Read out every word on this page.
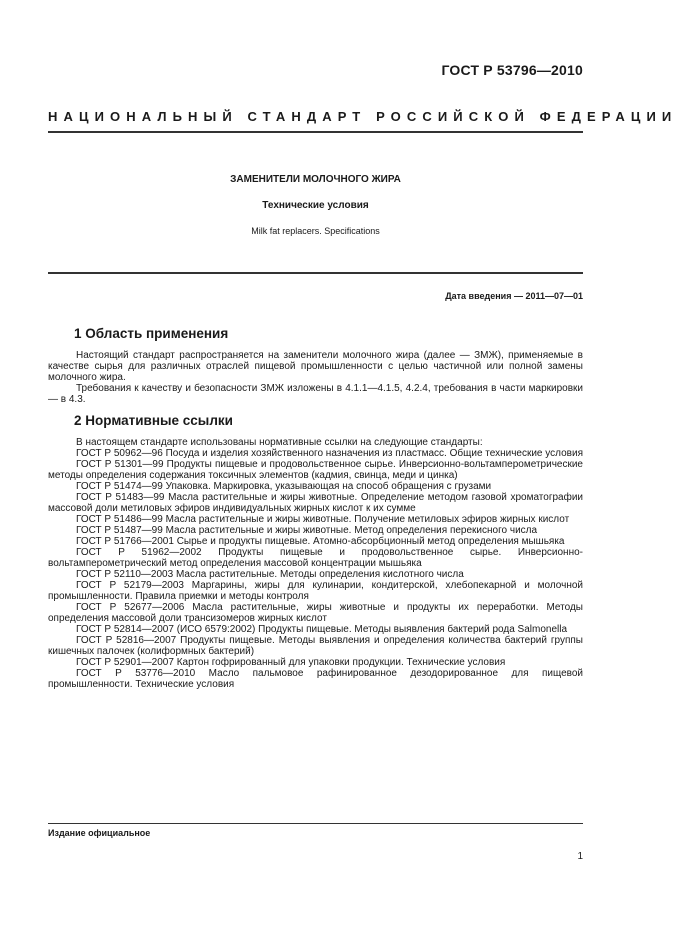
ГОСТ Р 53796—2010
НАЦИОНАЛЬНЫЙ СТАНДАРТ РОССИЙСКОЙ ФЕДЕРАЦИИ
ЗАМЕНИТЕЛИ МОЛОЧНОГО ЖИРА
Технические условия
Milk fat replacers. Specifications
Дата введения — 2011—07—01
1 Область применения

Настоящий стандарт распространяется на заменители молочного жира (далее — ЗМЖ), применяемые в качестве сырья для различных отраслей пищевой промышленности с целью частичной или полной замены молочного жира.

Требования к качеству и безопасности ЗМЖ изложены в 4.1.1—4.1.5, 4.2.4, требования в части маркировки — в 4.3.

2 Нормативные ссылки

В настоящем стандарте использованы нормативные ссылки на следующие стандарты:

ГОСТ Р 50962—96 Посуда и изделия хозяйственного назначения из пластмасс. Общие технические условия

ГОСТ Р 51301—99 Продукты пищевые и продовольственное сырье. Инверсионно-вольтамперометрические методы определения содержания токсичных элементов (кадмия, свинца, меди и цинка)

ГОСТ Р 51474—99 Упаковка. Маркировка, указывающая на способ обращения с грузами

ГОСТ Р 51483—99 Масла растительные и жиры животные. Определение методом газовой хроматографии массовой доли метиловых эфиров индивидуальных жирных кислот к их сумме

ГОСТ Р 51486—99 Масла растительные и жиры животные. Получение метиловых эфиров жирных кислот

ГОСТ Р 51487—99 Масла растительные и жиры животные. Метод определения перекисного числа

ГОСТ Р 51766—2001 Сырье и продукты пищевые. Атомно-абсорбционный метод определения мышьяка

ГОСТ Р 51962—2002 Продукты пищевые и продовольственное сырье. Инверсионно-вольтамперометрический метод определения массовой концентрации мышьяка

ГОСТ Р 52110—2003 Масла растительные. Методы определения кислотного числа

ГОСТ Р 52179—2003 Маргарины, жиры для кулинарии, кондитерской, хлебопекарной и молочной промышленности. Правила приемки и методы контроля

ГОСТ Р 52677—2006 Масла растительные, жиры животные и продукты их переработки. Методы определения массовой доли трансизомеров жирных кислот

ГОСТ Р 52814—2007 (ИСО 6579:2002) Продукты пищевые. Методы выявления бактерий рода Salmonella

ГОСТ Р 52816—2007 Продукты пищевые. Методы выявления и определения количества бактерий группы кишечных палочек (колиформных бактерий)

ГОСТ Р 52901—2007 Картон гофрированный для упаковки продукции. Технические условия

ГОСТ Р 53776—2010 Масло пальмовое рафинированное дезодорированное для пищевой промышленности. Технические условия

Издание официальное
1
